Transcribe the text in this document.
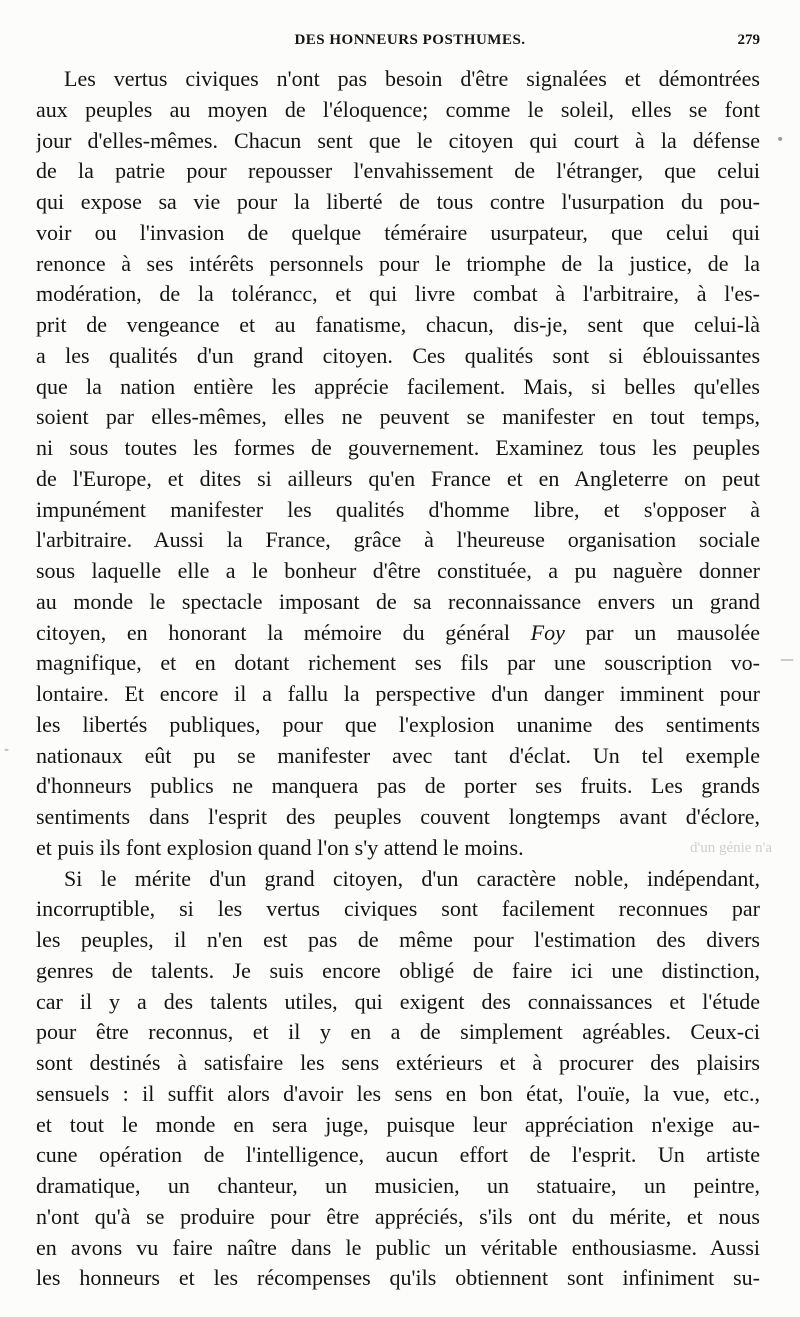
DES HONNEURS POSTHUMES.	279
•
—
-
d'un génie n'a
Les vertus civiques n'ont pas besoin d'être signalées et démontrées
aux peuples au moyen de l'éloquence; comme le soleil, elles se font
jour d'elles-mêmes. Chacun sent que le citoyen qui court à la défense
de la patrie pour repousser l'envahissement de l'étranger, que celui
qui expose sa vie pour la liberté de tous contre l'usurpation du pou-
voir ou l'invasion de quelque téméraire usurpateur, que celui qui
renonce à ses intérêts personnels pour le triomphe de la justice, de la
modération, de la tolérancc, et qui livre combat à l'arbitraire, à l'es-
prit de vengeance et au fanatisme, chacun, dis-je, sent que celui-là
a les qualités d'un grand citoyen. Ces qualités sont si éblouissantes
que la nation entière les apprécie facilement. Mais, si belles qu'elles
soient par elles-mêmes, elles ne peuvent se manifester en tout temps,
ni sous toutes les formes de gouvernement. Examinez tous les peuples
de l'Europe, et dites si ailleurs qu'en France et en Angleterre on peut
impunément manifester les qualités d'homme libre, et s'opposer à
l'arbitraire. Aussi la France, grâce à l'heureuse organisation sociale
sous laquelle elle a le bonheur d'être constituée, a pu naguère donner
au monde le spectacle imposant de sa reconnaissance envers un grand
citoyen, en honorant la mémoire du général Foy par un mausolée
magnifique, et en dotant richement ses fils par une souscription vo-
lontaire. Et encore il a fallu la perspective d'un danger imminent pour
les libertés publiques, pour que l'explosion unanime des sentiments
nationaux eût pu se manifester avec tant d'éclat. Un tel exemple
d'honneurs publics ne manquera pas de porter ses fruits. Les grands
sentiments dans l'esprit des peuples couvent longtemps avant d'éclore,
et puis ils font explosion quand l'on s'y attend le moins.
Si le mérite d'un grand citoyen, d'un caractère noble, indépendant,
incorruptible, si les vertus civiques sont facilement reconnues par
les peuples, il n'en est pas de même pour l'estimation des divers
genres de talents. Je suis encore obligé de faire ici une distinction,
car il y a des talents utiles, qui exigent des connaissances et l'étude
pour être reconnus, et il y en a de simplement agréables. Ceux-ci
sont destinés à satisfaire les sens extérieurs et à procurer des plaisirs
sensuels : il suffit alors d'avoir les sens en bon état, l'ouïe, la vue, etc.,
et tout le monde en sera juge, puisque leur appréciation n'exige au-
cune opération de l'intelligence, aucun effort de l'esprit. Un artiste
dramatique, un chanteur, un musicien, un statuaire, un peintre,
n'ont qu'à se produire pour être appréciés, s'ils ont du mérite, et nous
en avons vu faire naître dans le public un véritable enthousiasme. Aussi
les honneurs et les récompenses qu'ils obtiennent sont infiniment su-
